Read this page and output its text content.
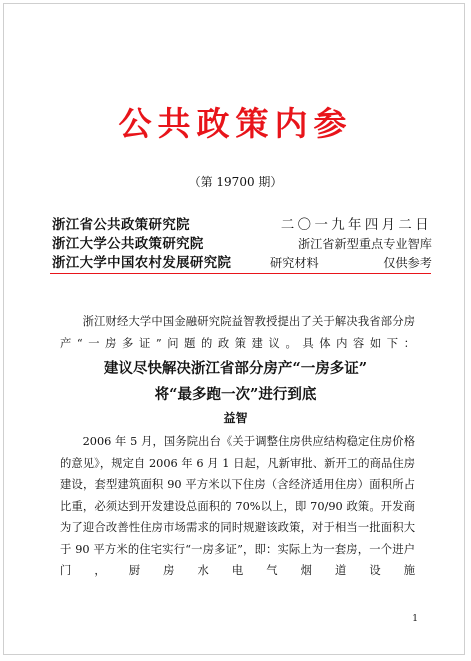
公共政策内参
（第 19700 期）
浙江省公共政策研究院	二〇一九年四月二日
浙江大学公共政策研究院	浙江省新型重点专业智库
浙江大学中国农村发展研究院	研究材料	仅供参考
浙江财经大学中国金融研究院益智教授提出了关于解决我省部分房产“一房多证”问题的政策建议。具体内容如下：
建议尽快解决浙江省部分房产“一房多证”
将“最多跑一次”进行到底
益智
2006 年 5 月，国务院出台《关于调整住房供应结构稳定住房价格的意见》，规定自 2006 年 6 月 1 日起，凡新审批、新开工的商品住房建设，套型建筑面积 90 平方米以下住房（含经济适用住房）面积所占比重，必须达到开发建设总面积的 70%以上，即 70/90 政策。开发商为了迎合改善性住房市场需求的同时规避该政策，对于相当一批面积大于 90 平方米的住宅实行“一房多证”，即：实际上为一套房，一个进户门，厨房水电气烟道设施
1
